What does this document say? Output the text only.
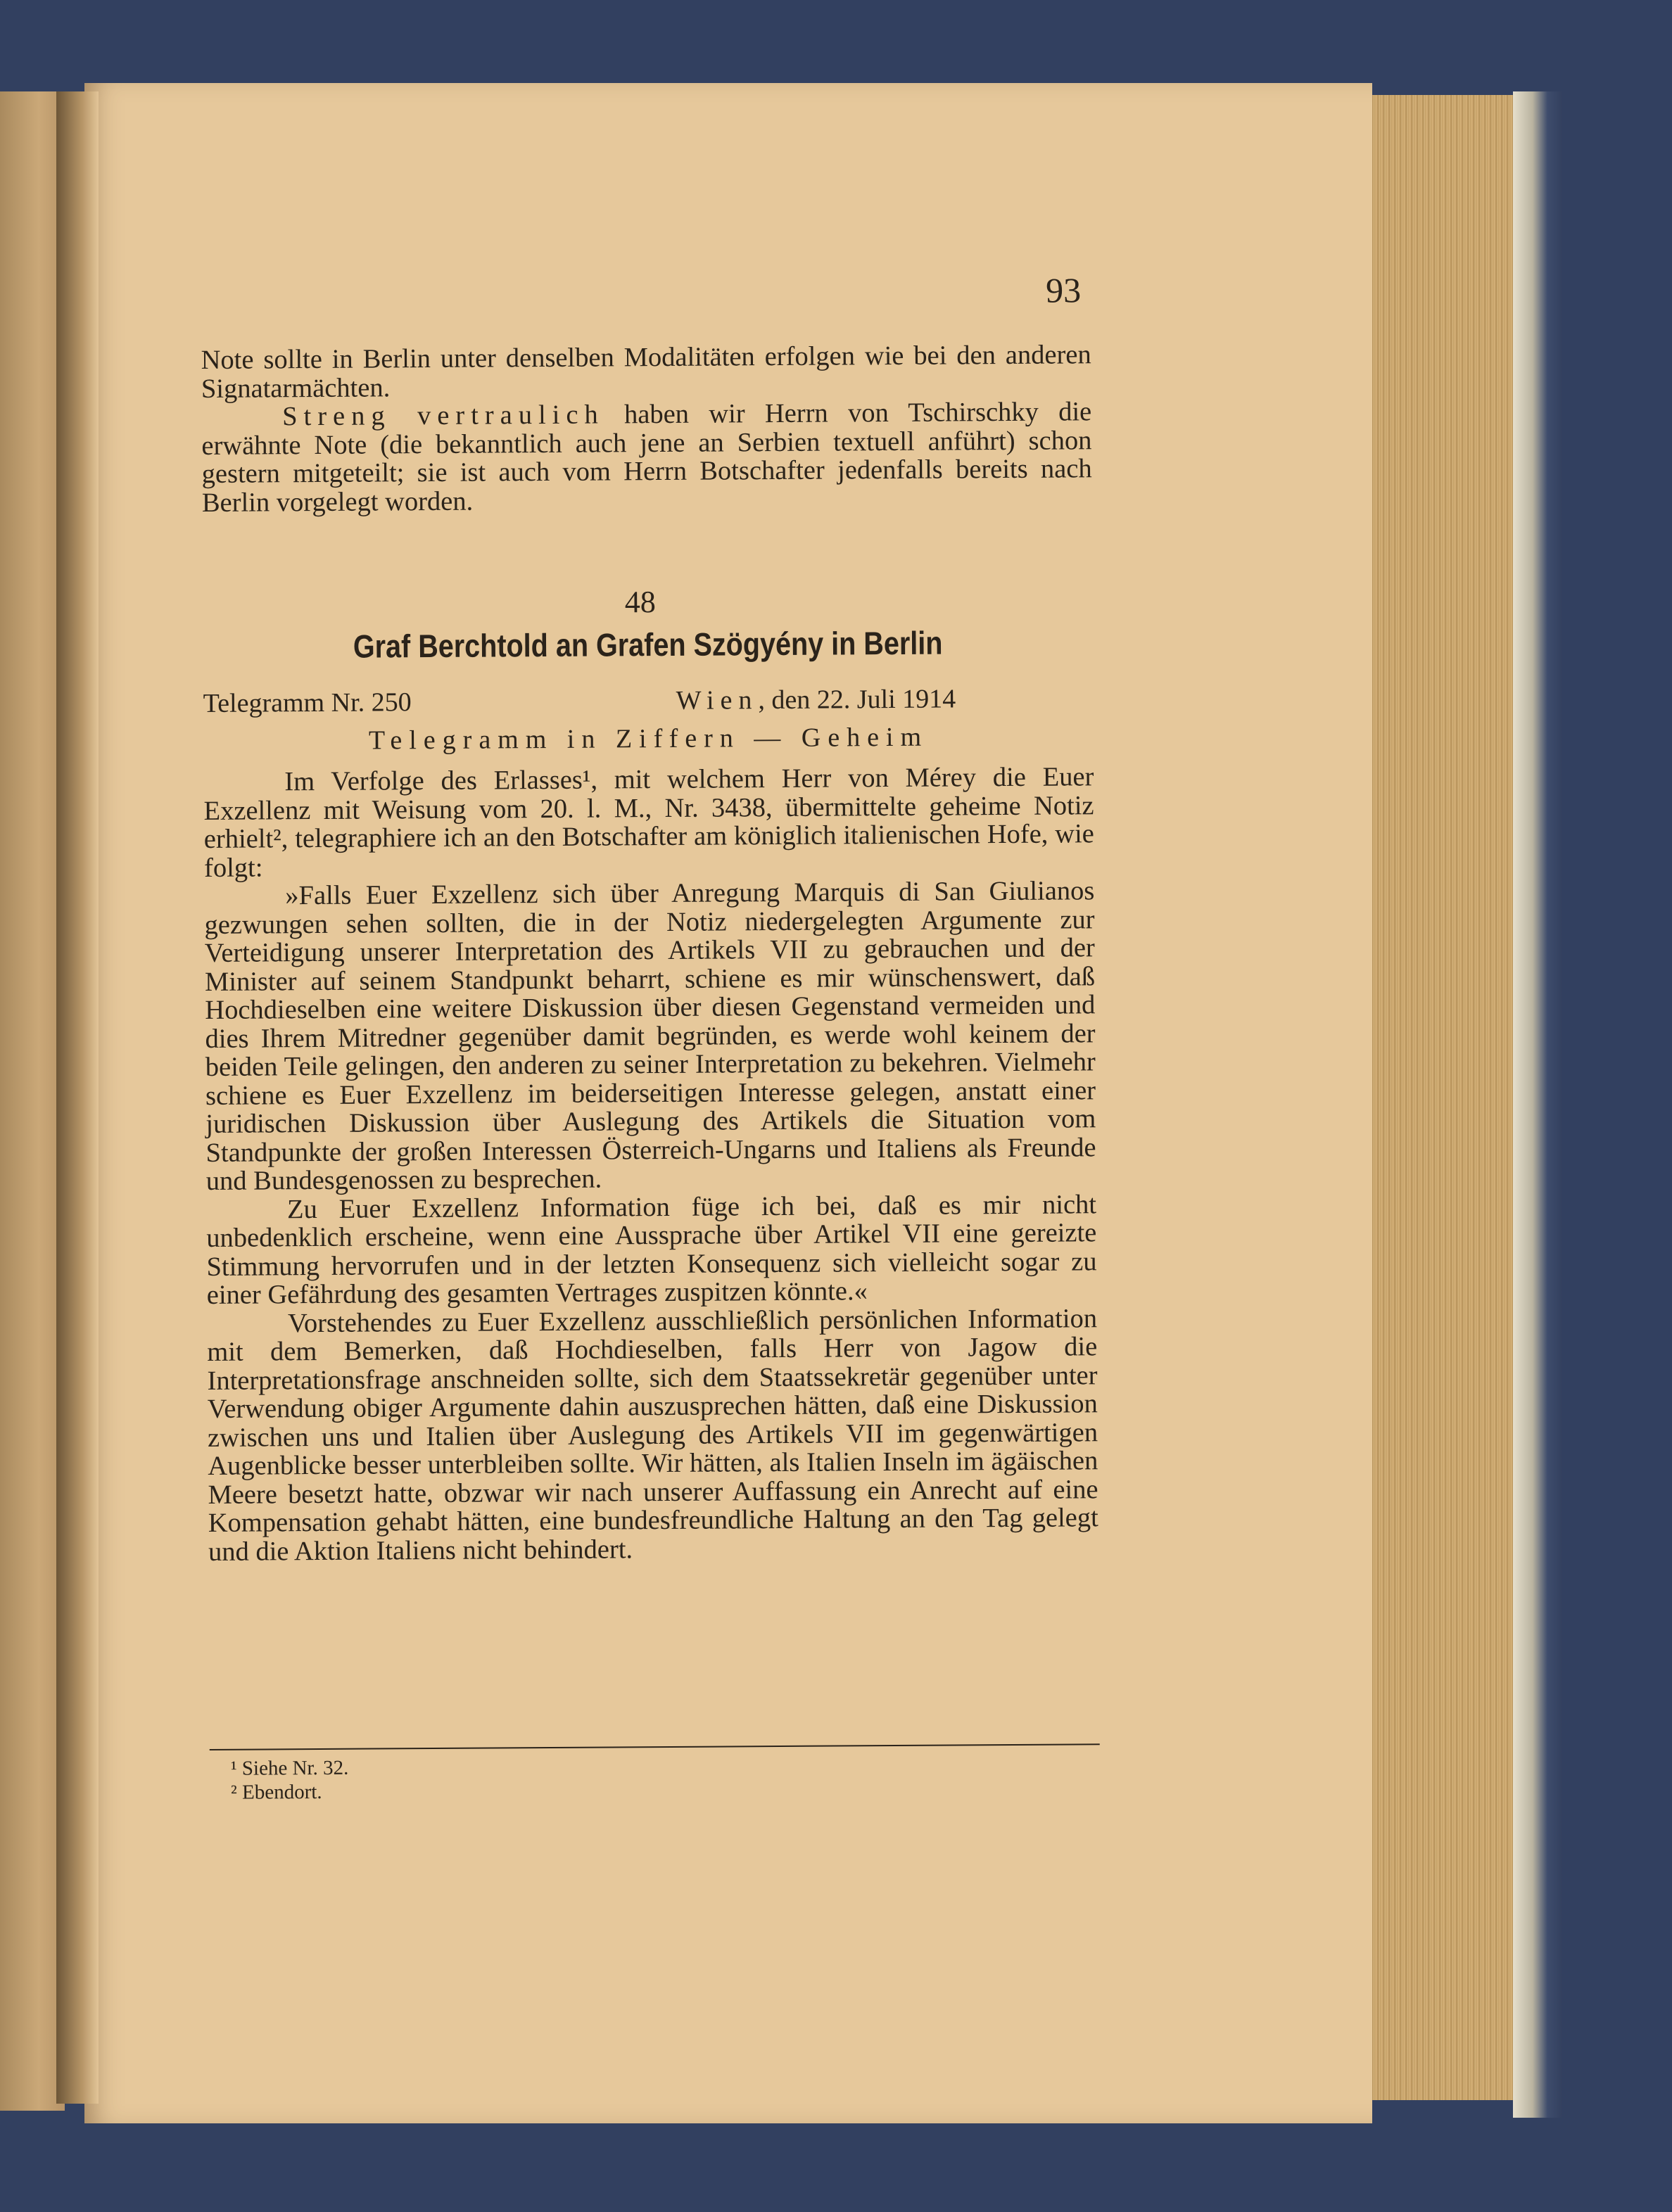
93

Note sollte in Berlin unter denselben Modalitäten erfolgen wie bei den anderen Signatarmächten.

Streng vertraulich haben wir Herrn von Tschirschky die erwähnte Note (die bekanntlich auch jene an Serbien textuell anführt) schon gestern mitgeteilt; sie ist auch vom Herrn Botschafter jedenfalls bereits nach Berlin vorgelegt worden.

48
Graf Berchtold an Grafen Szögyény in Berlin
Telegramm Nr. 250	Wien, den 22. Juli 1914
Telegramm in Ziffern — Geheim

Im Verfolge des Erlasses¹, mit welchem Herr von Mérey die Euer Exzellenz mit Weisung vom 20. l. M., Nr. 3438, übermittelte geheime Notiz erhielt², telegraphiere ich an den Botschafter am königlich italienischen Hofe, wie folgt:

»Falls Euer Exzellenz sich über Anregung Marquis di San Giulianos gezwungen sehen sollten, die in der Notiz niedergelegten Argumente zur Verteidigung unserer Interpretation des Artikels VII zu gebrauchen und der Minister auf seinem Standpunkt beharrt, schiene es mir wünschenswert, daß Hochdieselben eine weitere Diskussion über diesen Gegenstand vermeiden und dies Ihrem Mitredner gegenüber damit begründen, es werde wohl keinem der beiden Teile gelingen, den anderen zu seiner Interpretation zu bekehren. Vielmehr schiene es Euer Exzellenz im beiderseitigen Interesse gelegen, anstatt einer juridischen Diskussion über Auslegung des Artikels die Situation vom Standpunkte der großen Interessen Österreich-Ungarns und Italiens als Freunde und Bundesgenossen zu besprechen.

Zu Euer Exzellenz Information füge ich bei, daß es mir nicht unbedenklich erscheine, wenn eine Aussprache über Artikel VII eine gereizte Stimmung hervorrufen und in der letzten Konsequenz sich vielleicht sogar zu einer Gefährdung des gesamten Vertrages zuspitzen könnte.«

Vorstehendes zu Euer Exzellenz ausschließlich persönlichen Information mit dem Bemerken, daß Hochdieselben, falls Herr von Jagow die Interpretationsfrage anschneiden sollte, sich dem Staatssekretär gegenüber unter Verwendung obiger Argumente dahin auszusprechen hätten, daß eine Diskussion zwischen uns und Italien über Auslegung des Artikels VII im gegenwärtigen Augenblicke besser unterbleiben sollte. Wir hätten, als Italien Inseln im ägäischen Meere besetzt hatte, obzwar wir nach unserer Auffassung ein Anrecht auf eine Kompensation gehabt hätten, eine bundesfreundliche Haltung an den Tag gelegt und die Aktion Italiens nicht behindert.

¹ Siehe Nr. 32.
² Ebendort.
